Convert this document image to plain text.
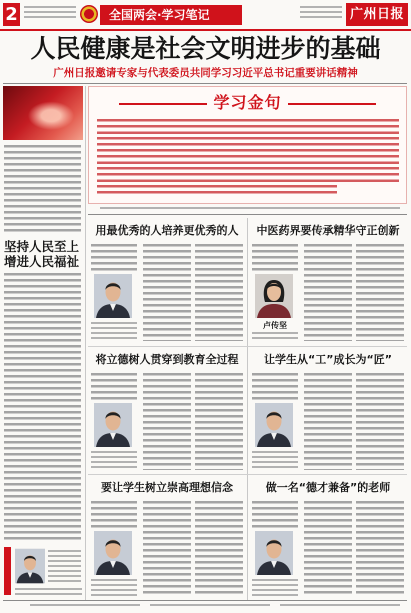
2	全国两会·学习笔记	广州日报
人民健康是社会文明进步的基础
广州日报邀请专家与代表委员共同学习习近平总书记重要讲话精神
坚持人民至上
增进人民福祉
学习金句
用最优秀的人培养更优秀的人	中医药界要传承精华守正创新
卢传坚
将立德树人贯穿到教育全过程	让学生从“工”成长为“匠”
要让学生树立崇高理想信念	做一名“德才兼备”的老师
